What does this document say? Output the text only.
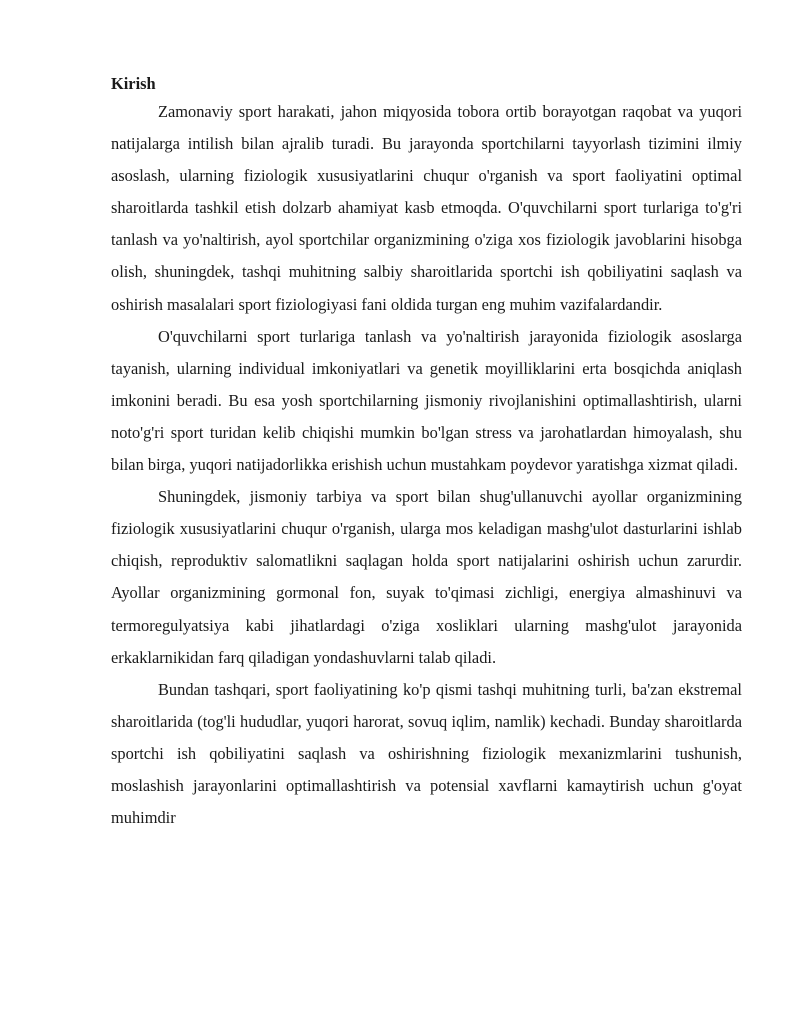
Kirish

Zamonaviy sport harakati, jahon miqyosida tobora ortib borayotgan raqobat va yuqori natijalarga intilish bilan ajralib turadi. Bu jarayonda sportchilarni tayyorlash tizimini ilmiy asoslash, ularning fiziologik xususiyatlarini chuqur o'rganish va sport faoliyatini optimal sharoitlarda tashkil etish dolzarb ahamiyat kasb etmoqda. O'quvchilarni sport turlariga to'g'ri tanlash va yo'naltirish, ayol sportchilar organizmining o'ziga xos fiziologik javoblarini hisobga olish, shuningdek, tashqi muhitning salbiy sharoitlarida sportchi ish qobiliyatini saqlash va oshirish masalalari sport fiziologiyasi fani oldida turgan eng muhim vazifalardandir.

O'quvchilarni sport turlariga tanlash va yo'naltirish jarayonida fiziologik asoslarga tayanish, ularning individual imkoniyatlari va genetik moyilliklarini erta bosqichda aniqlash imkonini beradi. Bu esa yosh sportchilarning jismoniy rivojlanishini optimallashtirish, ularni noto'g'ri sport turidan kelib chiqishi mumkin bo'lgan stress va jarohatlardan himoyalash, shu bilan birga, yuqori natijadorlikka erishish uchun mustahkam poydevor yaratishga xizmat qiladi.

Shuningdek, jismoniy tarbiya va sport bilan shug'ullanuvchi ayollar organizmining fiziologik xususiyatlarini chuqur o'rganish, ularga mos keladigan mashg'ulot dasturlarini ishlab chiqish, reproduktiv salomatlikni saqlagan holda sport natijalarini oshirish uchun zarurdir. Ayollar organizmining gormonal fon, suyak to'qimasi zichligi, energiya almashinuvi va termoregulyatsiya kabi jihatlardagi o'ziga xosliklari ularning mashg'ulot jarayonida erkaklarnikidan farq qiladigan yondashuvlarni talab qiladi.

Bundan tashqari, sport faoliyatining ko'p qismi tashqi muhitning turli, ba'zan ekstremal sharoitlarida (tog'li hududlar, yuqori harorat, sovuq iqlim, namlik) kechadi. Bunday sharoitlarda sportchi ish qobiliyatini saqlash va oshirishning fiziologik mexanizmlarini tushunish, moslashish jarayonlarini optimallashtirish va potensial xavflarni kamaytirish uchun g'oyat muhimdir
